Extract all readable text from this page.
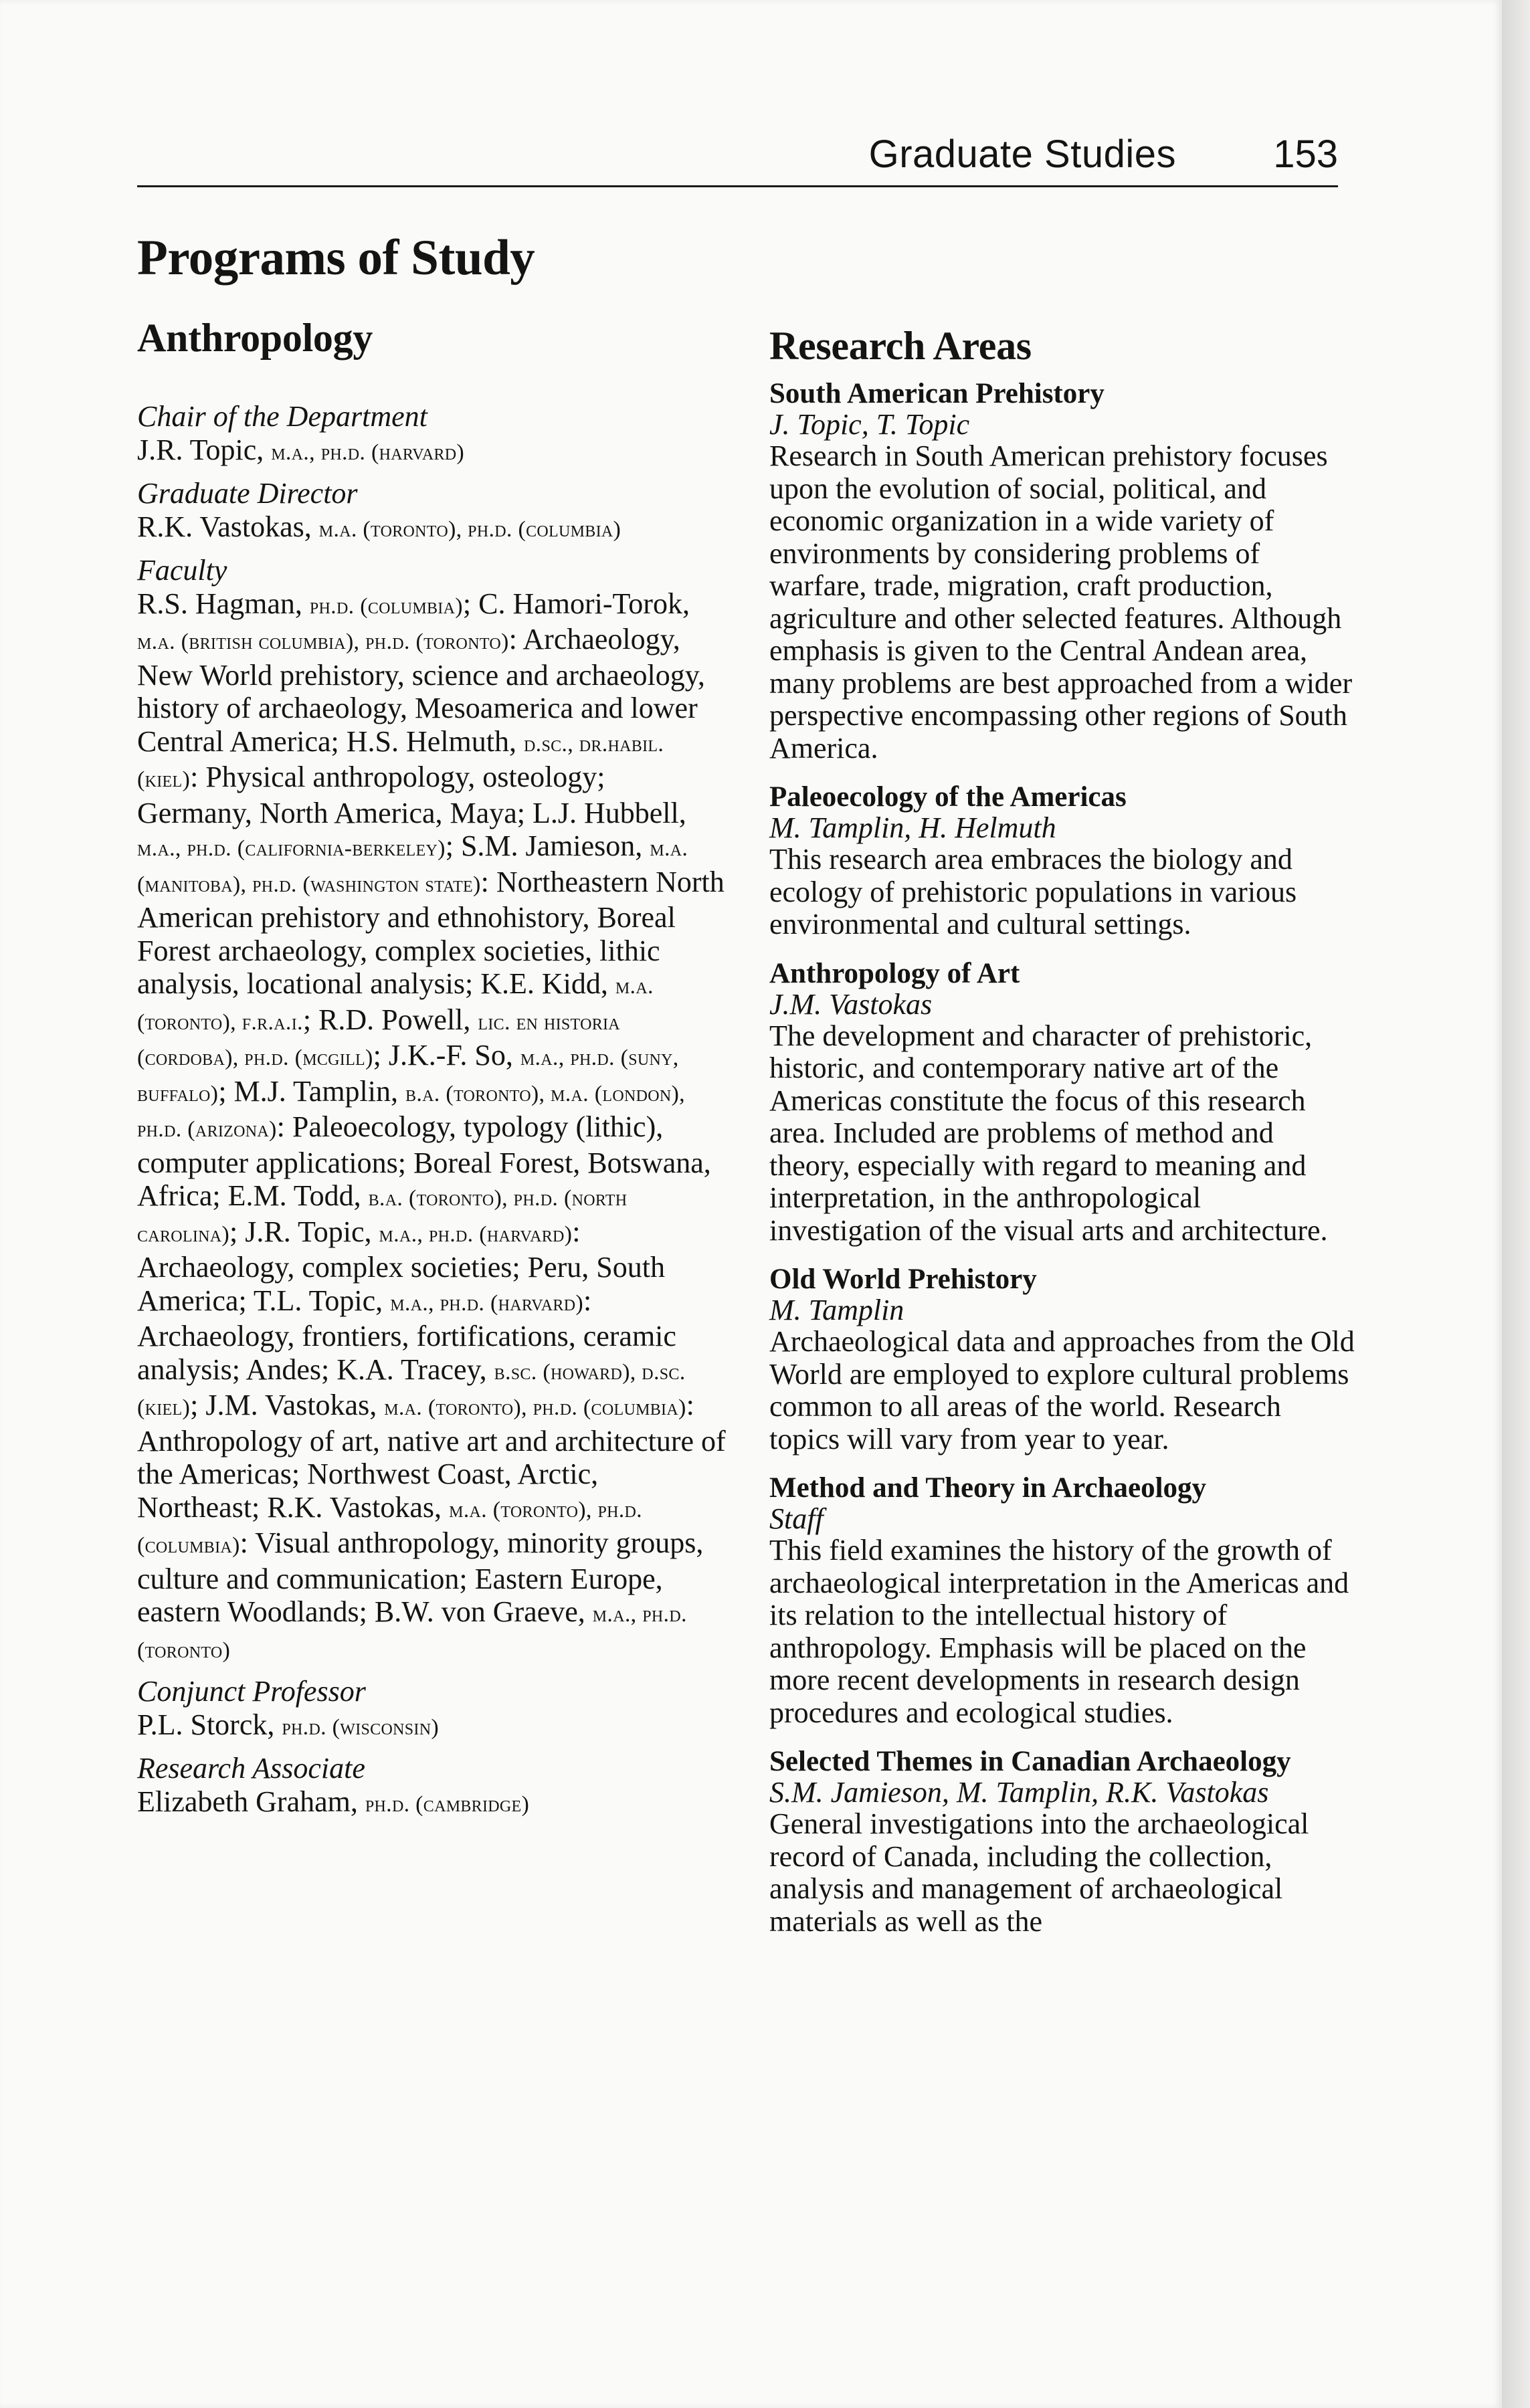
Graduate Studies	153
Programs of Study
Anthropology
Chair of the Department
J.R. Topic, m.a., ph.d. (harvard)
Graduate Director
R.K. Vastokas, m.a. (toronto), ph.d. (columbia)
Faculty
R.S. Hagman, ph.d. (columbia); C. Hamori-Torok, m.a. (british columbia), ph.d. (toronto): Archaeology, New World prehistory, science and archaeology, history of archaeology, Mesoamerica and lower Central America; H.S. Helmuth, d.sc., dr.habil. (kiel): Physical anthropology, osteology; Germany, North America, Maya; L.J. Hubbell, m.a., ph.d. (california-berkeley); S.M. Jamieson, m.a. (manitoba), ph.d. (washington state): Northeastern North American prehistory and ethnohistory, Boreal Forest archaeology, complex societies, lithic analysis, locational analysis; K.E. Kidd, m.a. (toronto), f.r.a.i.; R.D. Powell, lic. en historia (cordoba), ph.d. (mcgill); J.K.-F. So, m.a., ph.d. (suny, buffalo); M.J. Tamplin, b.a. (toronto), m.a. (london), ph.d. (arizona): Paleoecology, typology (lithic), computer applications; Boreal Forest, Botswana, Africa; E.M. Todd, b.a. (toronto), ph.d. (north carolina); J.R. Topic, m.a., ph.d. (harvard): Archaeology, complex societies; Peru, South America; T.L. Topic, m.a., ph.d. (harvard): Archaeology, frontiers, fortifications, ceramic analysis; Andes; K.A. Tracey, b.sc. (howard), d.sc. (kiel); J.M. Vastokas, m.a. (toronto), ph.d. (columbia): Anthropology of art, native art and architecture of the Americas; Northwest Coast, Arctic, Northeast; R.K. Vastokas, m.a. (toronto), ph.d. (columbia): Visual anthropology, minority groups, culture and communication; Eastern Europe, eastern Woodlands; B.W. von Graeve, m.a., ph.d. (toronto)
Conjunct Professor
P.L. Storck, ph.d. (wisconsin)
Research Associate
Elizabeth Graham, ph.d. (cambridge)
Research Areas
South American Prehistory
J. Topic, T. Topic
Research in South American prehistory focuses upon the evolution of social, political, and economic organization in a wide variety of environments by considering problems of warfare, trade, migration, craft production, agriculture and other selected features. Although emphasis is given to the Central Andean area, many problems are best approached from a wider perspective encompassing other regions of South America.
Paleoecology of the Americas
M. Tamplin, H. Helmuth
This research area embraces the biology and ecology of prehistoric populations in various environmental and cultural settings.
Anthropology of Art
J.M. Vastokas
The development and character of prehistoric, historic, and contemporary native art of the Americas constitute the focus of this research area. Included are problems of method and theory, especially with regard to meaning and interpretation, in the anthropological investigation of the visual arts and architecture.
Old World Prehistory
M. Tamplin
Archaeological data and approaches from the Old World are employed to explore cultural problems common to all areas of the world. Research topics will vary from year to year.
Method and Theory in Archaeology
Staff
This field examines the history of the growth of archaeological interpretation in the Americas and its relation to the intellectual history of anthropology. Emphasis will be placed on the more recent developments in research design procedures and ecological studies.
Selected Themes in Canadian Archaeology
S.M. Jamieson, M. Tamplin, R.K. Vastokas
General investigations into the archaeological record of Canada, including the collection, analysis and management of archaeological materials as well as the
